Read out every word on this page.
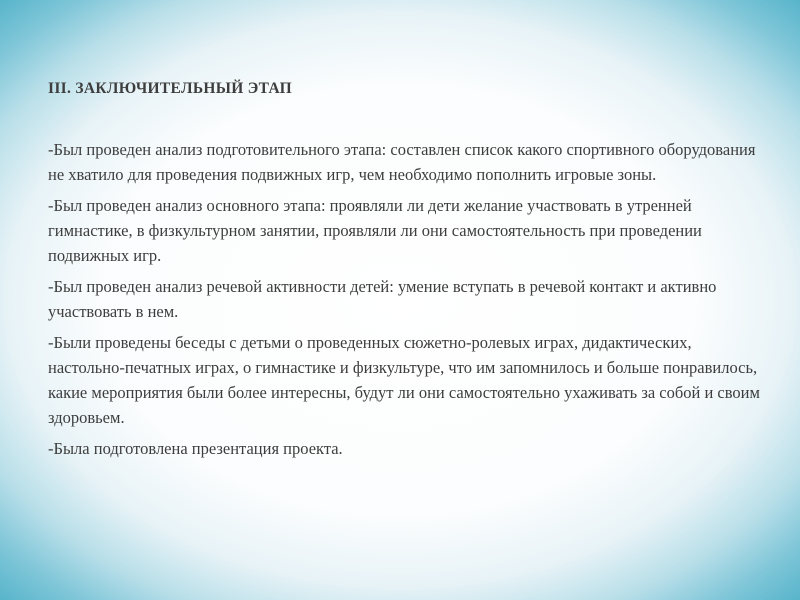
III. ЗАКЛЮЧИТЕЛЬНЫЙ ЭТАП

-Был проведен анализ подготовительного этапа: составлен список какого спортивного оборудования не хватило для проведения подвижных игр, чем необходимо пополнить игровые зоны.

-Был проведен анализ основного этапа: проявляли ли дети желание участвовать в утренней гимнастике, в физкультурном занятии, проявляли ли они самостоятельность при проведении подвижных игр.

-Был проведен анализ речевой активности детей: умение вступать в речевой контакт и активно участвовать в нем.

-Были проведены беседы с детьми о проведенных сюжетно-ролевых играх, дидактических, настольно-печатных играх, о гимнастике и физкультуре, что им запомнилось и больше понравилось, какие мероприятия были более интересны, будут ли они самостоятельно ухаживать за собой и своим здоровьем.

-Была подготовлена презентация проекта.
